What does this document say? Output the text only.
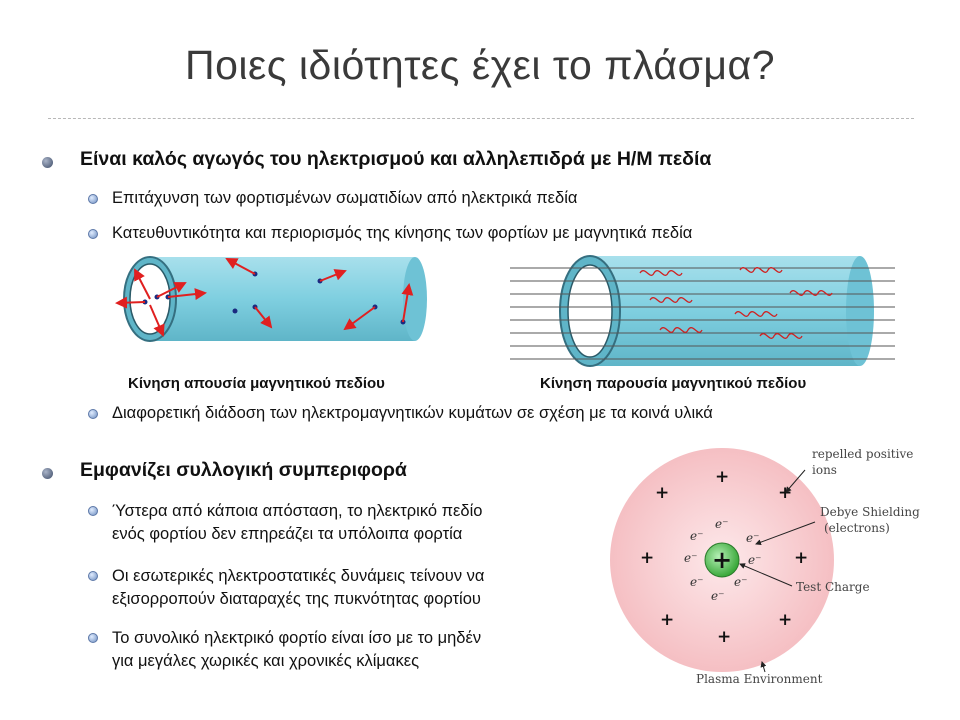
Ποιες ιδιότητες έχει το πλάσμα?
Είναι καλός αγωγός του ηλεκτρισμού και αλληλεπιδρά με Η/Μ πεδία
Επιτάχυνση των φορτισμένων σωματιδίων από ηλεκτρικά πεδία
Κατευθυντικότητα και περιορισμός της κίνησης των φορτίων με μαγνητικά πεδία
Κίνηση απουσία μαγνητικού πεδίου	Κίνηση παρουσία μαγνητικού πεδίου
Διαφορετική διάδοση των ηλεκτρομαγνητικών κυμάτων σε σχέση με τα κοινά υλικά
Εμφανίζει συλλογική συμπεριφορά
Ύστερα από κάποια απόσταση, το ηλεκτρικό πεδίο
ενός φορτίου δεν επηρεάζει τα υπόλοιπα φορτία
Οι εσωτερικές ηλεκτροστατικές δυνάμεις τείνουν να
εξισορροπούν διαταραχές της πυκνότητας φορτίου
Το συνολικό ηλεκτρικό φορτίο είναι ίσο με το μηδέν
για μεγάλες χωρικές και χρονικές κλίμακες
+
+
+
+
+	+
+
+
+
e⁻
e⁻	e⁻
e⁻	e⁻
e⁻	e⁻
e⁻
repelled positive
ions
Debye Shielding
(electrons)
Test Charge
Plasma Environment
